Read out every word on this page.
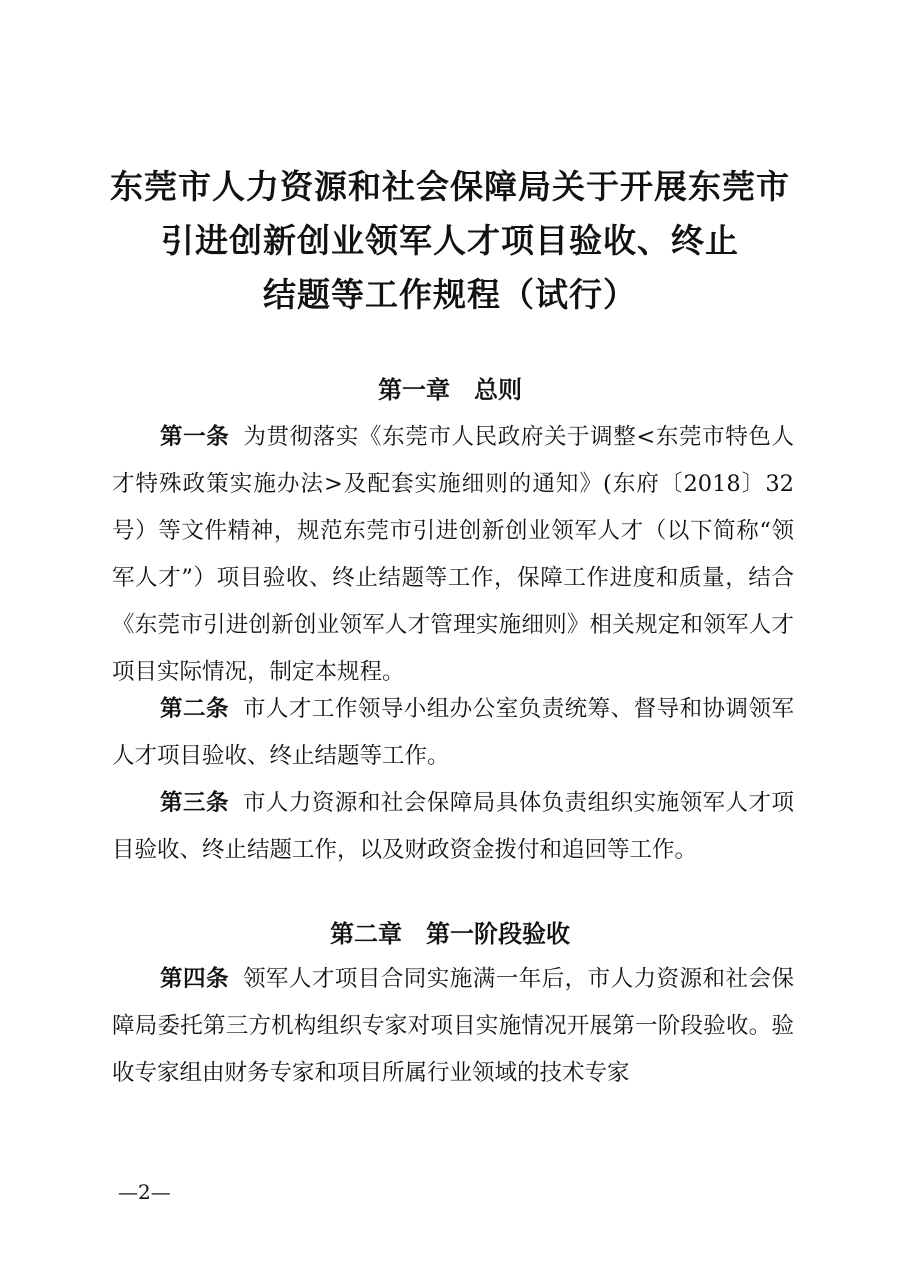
东莞市人力资源和社会保障局关于开展东莞市
引进创新创业领军人才项目验收、终止
结题等工作规程（试行）
第一章 总则
第一条 为贯彻落实《东莞市人民政府关于调整<东莞市特色人才特殊政策实施办法>及配套实施细则的通知》(东府〔2018〕32 号）等文件精神，规范东莞市引进创新创业领军人才（以下简称“领军人才”）项目验收、终止结题等工作，保障工作进度和质量，结合《东莞市引进创新创业领军人才管理实施细则》相关规定和领军人才项目实际情况，制定本规程。
第二条 市人才工作领导小组办公室负责统筹、督导和协调领军人才项目验收、终止结题等工作。
第三条 市人力资源和社会保障局具体负责组织实施领军人才项目验收、终止结题工作，以及财政资金拨付和追回等工作。
第二章 第一阶段验收
第四条 领军人才项目合同实施满一年后，市人力资源和社会保障局委托第三方机构组织专家对项目实施情况开展第一阶段验收。验收专家组由财务专家和项目所属行业领域的技术专家
—2—
